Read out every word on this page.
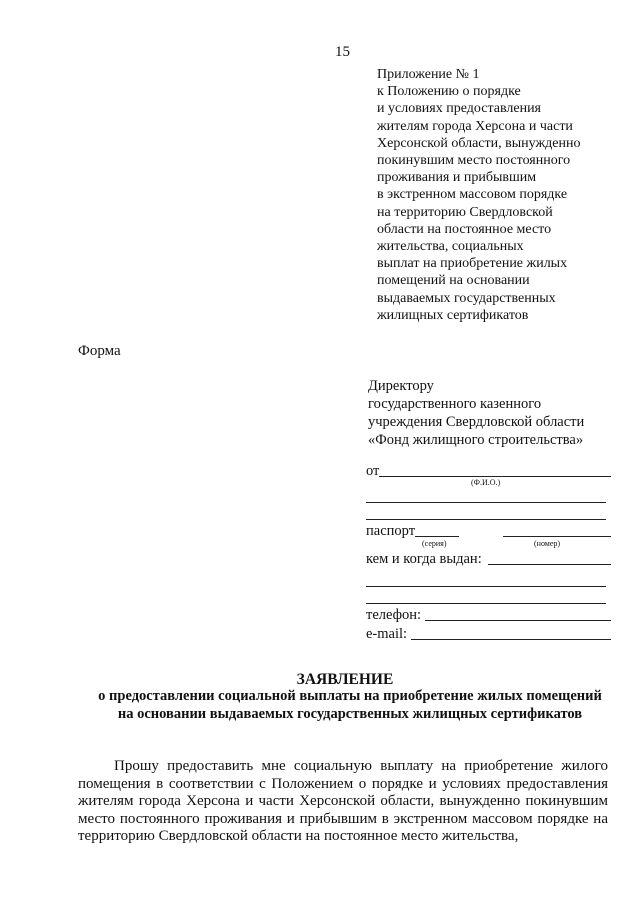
15
Приложение № 1
к Положению о порядке
и условиях предоставления
жителям города Херсона и части
Херсонской области, вынужденно
покинувшим место постоянного
проживания и прибывшим
в экстренном массовом порядке
на территорию Свердловской
области на постоянное место
жительства, социальных
выплат на приобретение жилых
помещений на основании
выдаваемых государственных
жилищных сертификатов
Форма
Директору
государственного казенного
учреждения Свердловской области
«Фонд жилищного строительства»
от
(Ф.И.О.)
паспорт
(серия)	(номер)
кем и когда выдан:
телефон:
e-mail:
ЗАЯВЛЕНИЕ
о предоставлении социальной выплаты на приобретение жилых помещений
на основании выдаваемых государственных жилищных сертификатов
Прошу предоставить мне социальную выплату на приобретение жилого помещения в соответствии с Положением о порядке и условиях предоставления жителям города Херсона и части Херсонской области, вынужденно покинувшим место постоянного проживания и прибывшим в экстренном массовом порядке на территорию Свердловской области на постоянное место жительства,
